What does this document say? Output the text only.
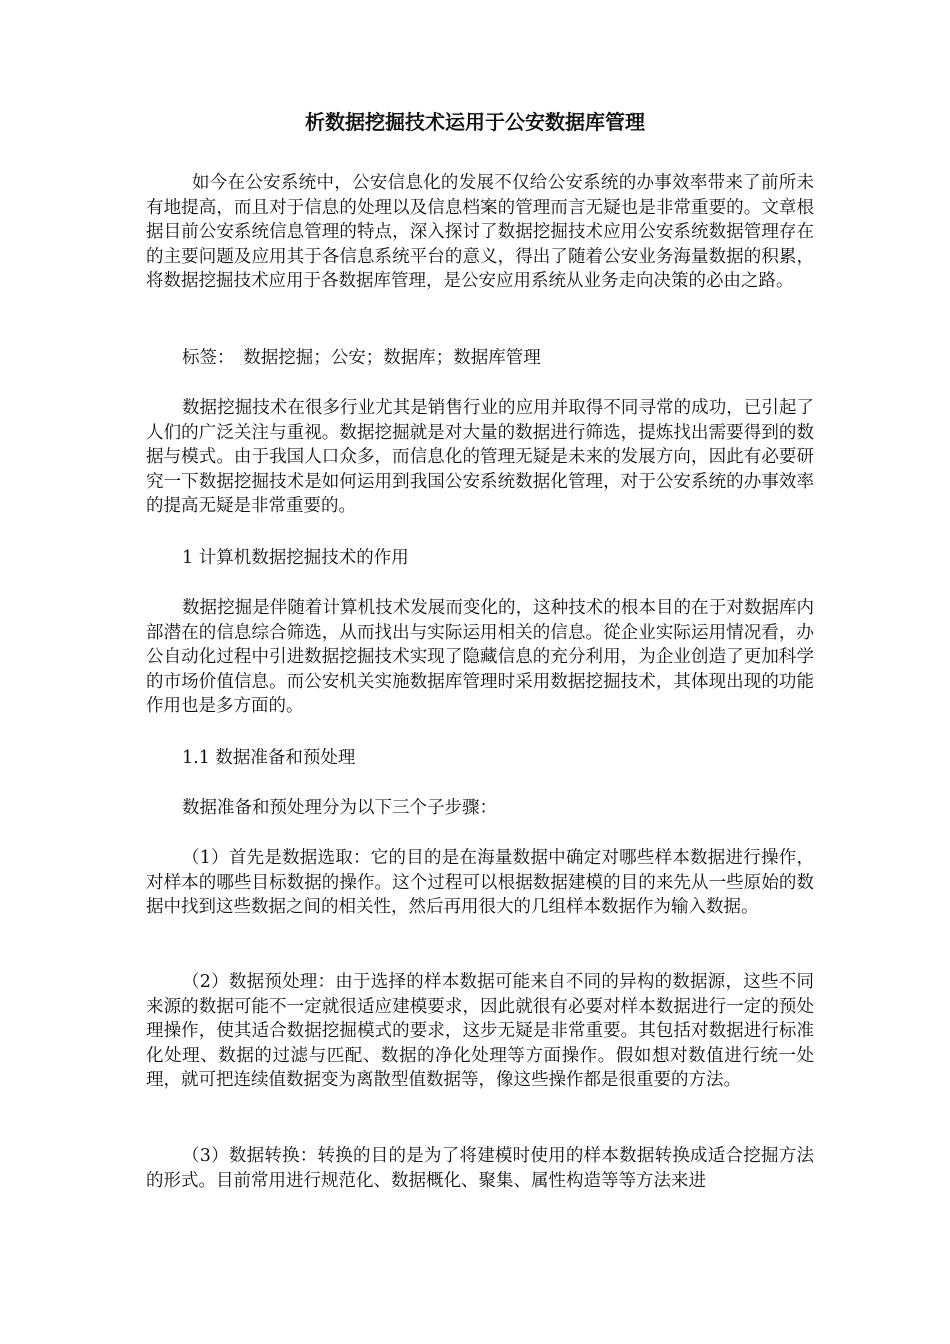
析数据挖掘技术运用于公安数据库管理

如今在公安系统中，公安信息化的发展不仅给公安系统的办事效率带来了前所未有地提高，而且对于信息的处理以及信息档案的管理而言无疑也是非常重要的。文章根据目前公安系统信息管理的特点，深入探讨了数据挖掘技术应用公安系统数据管理存在的主要问题及应用其于各信息系统平台的意义，得出了随着公安业务海量数据的积累，将数据挖掘技术应用于各数据库管理，是公安应用系统从业务走向决策的必由之路。

标签：　数据挖掘；公安；数据库；数据库管理

数据挖掘技术在很多行业尤其是销售行业的应用并取得不同寻常的成功，已引起了人们的广泛关注与重视。数据挖掘就是对大量的数据进行筛选，提炼找出需要得到的数据与模式。由于我国人口众多，而信息化的管理无疑是未来的发展方向，因此有必要研究一下数据挖掘技术是如何运用到我国公安系统数据化管理，对于公安系统的办事效率的提高无疑是非常重要的。

1 计算机数据挖掘技术的作用

数据挖掘是伴随着计算机技术发展而变化的，这种技术的根本目的在于对数据库内部潜在的信息综合筛选，从而找出与实际运用相关的信息。從企业实际运用情况看，办公自动化过程中引进数据挖掘技术实现了隐藏信息的充分利用，为企业创造了更加科学的市场价值信息。而公安机关实施数据库管理时采用数据挖掘技术，其体现出现的功能作用也是多方面的。

1.1 数据准备和预处理

数据准备和预处理分为以下三个子步骤：

（1）首先是数据选取：它的目的是在海量数据中确定对哪些样本数据进行操作，对样本的哪些目标数据的操作。这个过程可以根据数据建模的目的来先从一些原始的数据中找到这些数据之间的相关性，然后再用很大的几组样本数据作为输入数据。

（2）数据预处理：由于选择的样本数据可能来自不同的异构的数据源，这些不同来源的数据可能不一定就很适应建模要求，因此就很有必要对样本数据进行一定的预处理操作，使其适合数据挖掘模式的要求，这步无疑是非常重要。其包括对数据进行标准化处理、数据的过滤与匹配、数据的净化处理等方面操作。假如想对数值进行统一处理，就可把连续值数据变为离散型值数据等，像这些操作都是很重要的方法。

（3）数据转换：转换的目的是为了将建模时使用的样本数据转换成适合挖掘方法的形式。目前常用进行规范化、数据概化、聚集、属性构造等等方法来进
